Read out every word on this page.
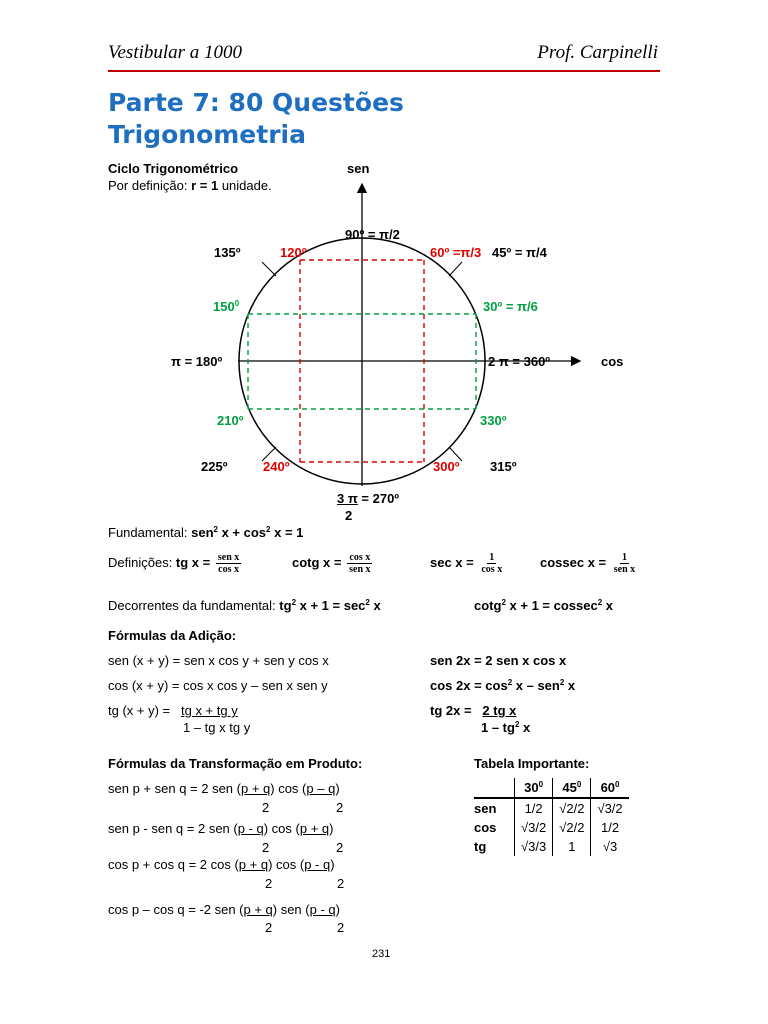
Vestibular a 1000	Prof. Carpinelli
Parte 7: 80 Questões
Trigonometria
Ciclo Trigonométrico
Por definição: r = 1 unidade.
sen
cos
90º = π/2
135º	120º	60º =π/3 45º = π/4
$150^0$	30º = π/6
π = 180º	2 π = 360º
210º	330º
225º	240º	300º 315º
3 π = 270º
2
Fundamental: sen$^2$ $x + \cos^2 x = 1$
Definições: tg $x = \frac{\text{sen x}}{\text{cos x}}$	cotg $x = \frac{\text{cos x}}{\text{sen x}}$	$\sec x = \frac{1}{\text{cos x}}$	cossec $x = \frac{1}{\text{sen x}}$
Decorrentes da fundamental: $tg^2$ $x + 1 = \sec^2 x$	cotg$^2$ x + 1 = cossec$^2$ x
Fórmulas da Adição:
sen (x + y) = sen x cos y + sen y cos x
cos (x + y) = cos x cos y – sen x sen y
tg (x + y) =   tg x + tg y
1 – tg x tg y
sen 2x = 2 sen x cos x
$\cos 2x = \cos^2 x - sen^2$ x
tg 2x =   2 tg x
$1 - tg^2$ x
Fórmulas da Transformação em Produto:
sen p + sen q = 2 sen (p + q) cos (p – q)
2	2
sen p - sen q = 2 sen (p - q) cos (p + q)
2	2
cos p + cos q = 2 cos (p + q) cos (p - q)
2	2
cos p – cos q = -2 sen (p + q) sen (p - q)
2	2
Tabela Importante:
	$30^0$	$45^0$	$60^0$
sen	1/2	√2/2	√3/2
cos	√3/2	√2/2	1/2
tg	√3/3	1	√3
231
